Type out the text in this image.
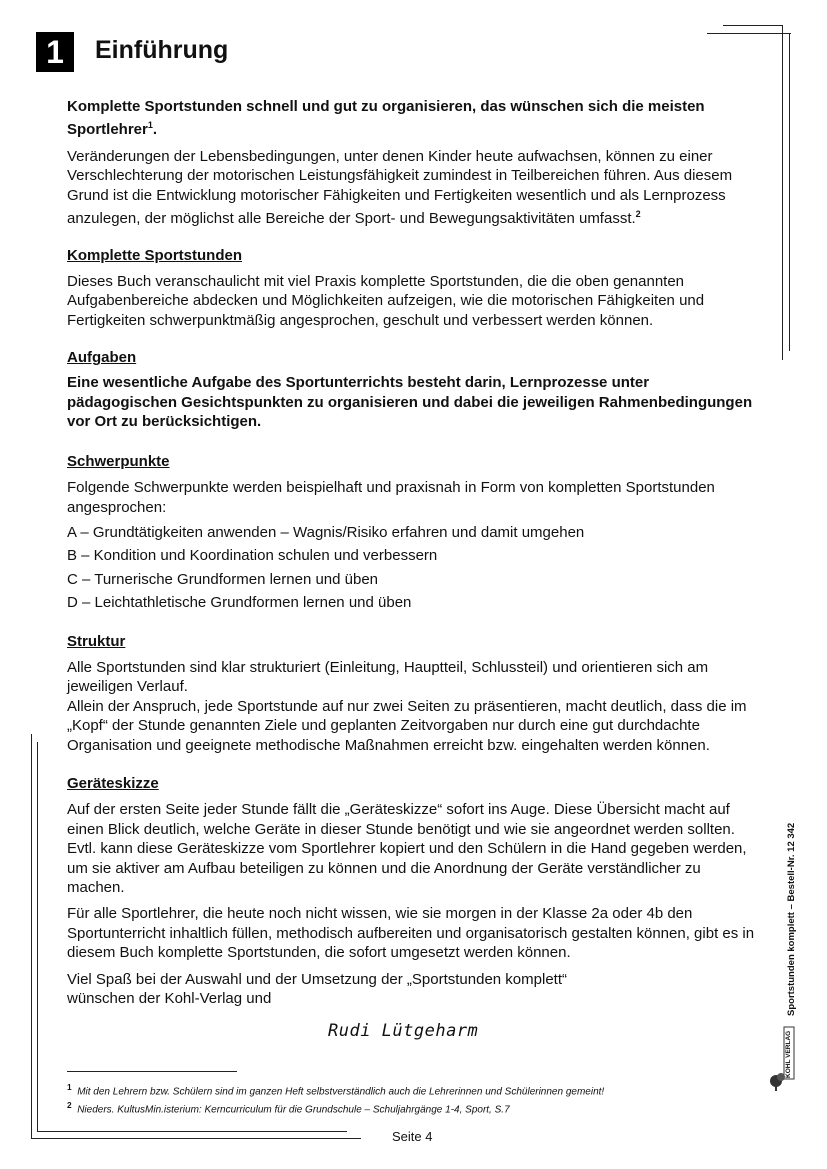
1	Einführung

Komplette Sportstunden schnell und gut zu organisieren, das wünschen sich die meisten Sportlehrer$^1$.

Veränderungen der Lebensbedingungen, unter denen Kinder heute aufwachsen, können zu einer Verschlechterung der motorischen Leistungsfähigkeit zumindest in Teilbereichen führen. Aus diesem Grund ist die Entwicklung motorischer Fähigkeiten und Fertigkeiten wesentlich und als Lernprozess anzulegen, der möglichst alle Bereiche der Sport- und Bewegungsaktivitäten umfasst.$^2$

Komplette Sportstunden

Dieses Buch veranschaulicht mit viel Praxis komplette Sportstunden, die die oben genannten Aufgabenbereiche abdecken und Möglichkeiten aufzeigen, wie die motorischen Fähigkeiten und Fertigkeiten schwerpunktmäßig angesprochen, geschult und verbessert werden können.

Aufgaben

Eine wesentliche Aufgabe des Sportunterrichts besteht darin, Lernprozesse unter pädagogischen Gesichtspunkten zu organisieren und dabei die jeweiligen Rahmenbedingungen vor Ort zu berücksichtigen.

Schwerpunkte

Folgende Schwerpunkte werden beispielhaft und praxisnah in Form von kompletten Sportstunden angesprochen:

A – Grundtätigkeiten anwenden – Wagnis/Risiko erfahren und damit umgehen

B – Kondition und Koordination schulen und verbessern

C – Turnerische Grundformen lernen und üben

D – Leichtathletische Grundformen lernen und üben

Struktur

Alle Sportstunden sind klar strukturiert (Einleitung, Hauptteil, Schlussteil) und orientieren sich am jeweiligen Verlauf.

Allein der Anspruch, jede Sportstunde auf nur zwei Seiten zu präsentieren, macht deutlich, dass die im „Kopf“ der Stunde genannten Ziele und geplanten Zeitvorgaben nur durch eine gut durchdachte Organisation und geeignete methodische Maßnahmen erreicht bzw. eingehalten werden können.

Geräteskizze

Auf der ersten Seite jeder Stunde fällt die „Geräteskizze“ sofort ins Auge. Diese Übersicht macht auf einen Blick deutlich, welche Geräte in dieser Stunde benötigt und wie sie angeordnet werden sollten. Evtl. kann diese Geräteskizze vom Sportlehrer kopiert und den Schülern in die Hand gegeben werden, um sie aktiver am Aufbau beteiligen zu können und die Anordnung der Geräte verständlicher zu machen.

Für alle Sportlehrer, die heute noch nicht wissen, wie sie morgen in der Klasse 2a oder 4b den Sportunterricht inhaltlich füllen, methodisch aufbereiten und organisatorisch gestalten können, gibt es in diesem Buch komplette Sportstunden, die sofort umgesetzt werden können.

Viel Spaß bei der Auswahl und der Umsetzung der „Sportstunden komplett“

wünschen der Kohl-Verlag und

Rudi Lütgeharm
$^1$ Mit den Lehrern bzw. Schülern sind im ganzen Heft selbstverständlich auch die Lehrerinnen und Schülerinnen gemeint!
$^2$ Nieders. KultusMin.isterium: Kerncurriculum für die Grundschule – Schuljahrgänge 1-4, Sport, S.7
Sportstunden komplett – Bestell-Nr. 12 342
KOHL VERLAG
Seite 4
